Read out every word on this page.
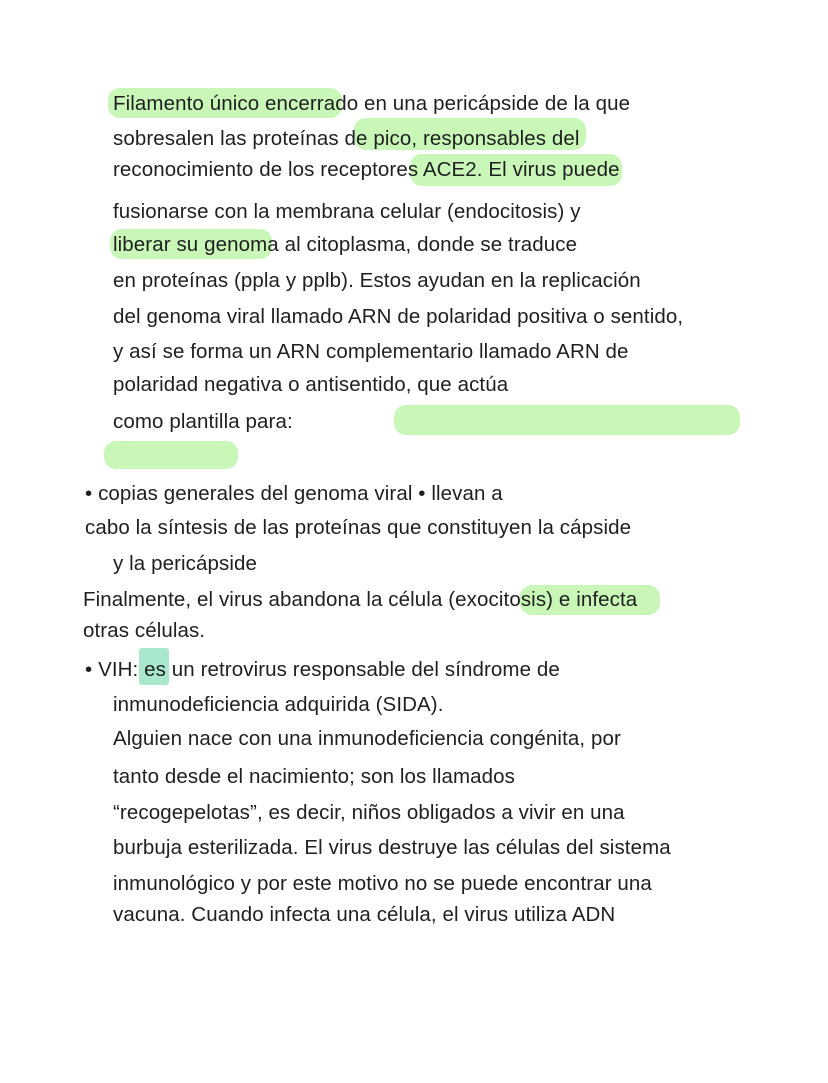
Filamento único encerrado en una pericápside de la que
sobresalen las proteínas de pico, responsables del
reconocimiento de los receptores ACE2. El virus puede
fusionarse con la membrana celular (endocitosis) y
liberar su genoma al citoplasma, donde se traduce
en proteínas (ppla y pplb). Estos ayudan en la replicación
del genoma viral llamado ARN de polaridad positiva o sentido,
y así se forma un ARN complementario llamado ARN de
polaridad negativa o antisentido, que actúa
como plantilla para:
• copias generales del genoma viral • llevan a
cabo la síntesis de las proteínas que constituyen la cápside
y la pericápside
Finalmente, el virus abandona la célula (exocitosis) e infecta
otras células.
• VIH: es un retrovirus responsable del síndrome de
inmunodeficiencia adquirida (SIDA).
Alguien nace con una inmunodeficiencia congénita, por
tanto desde el nacimiento; son los llamados
“recogepelotas”, es decir, niños obligados a vivir en una
burbuja esterilizada. El virus destruye las células del sistema
inmunológico y por este motivo no se puede encontrar una
vacuna. Cuando infecta una célula, el virus utiliza ADN
